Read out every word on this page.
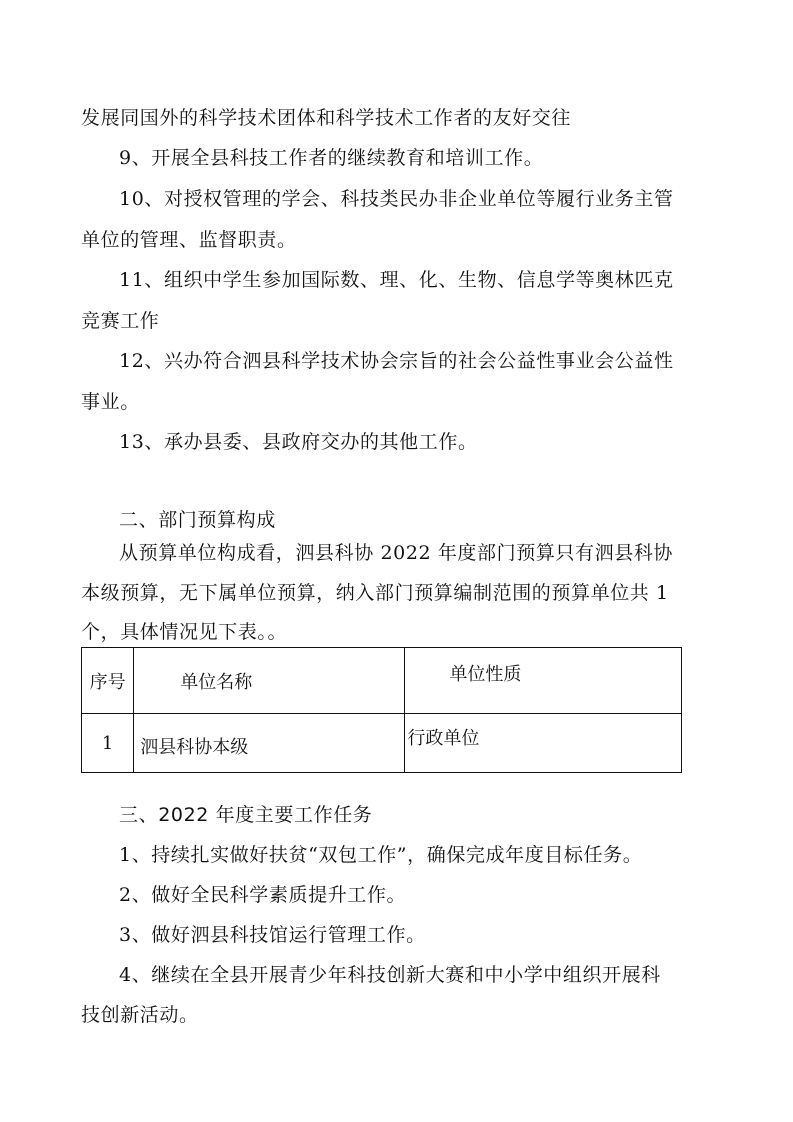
发展同国外的科学技术团体和科学技术工作者的友好交往
9、开展全县科技工作者的继续教育和培训工作。
10、对授权管理的学会、科技类民办非企业单位等履行业务主管
单位的管理、监督职责。
11、组织中学生参加国际数、理、化、生物、信息学等奥林匹克
竞赛工作
12、兴办符合泗县科学技术协会宗旨的社会公益性事业会公益性
事业。
13、承办县委、县政府交办的其他工作。
二、部门预算构成
从预算单位构成看，泗县科协 2022 年度部门预算只有泗县科协
本级预算，无下属单位预算，纳入部门预算编制范围的预算单位共 1
个，具体情况见下表。。
序号	单位名称	单位性质
1	泗县科协本级	行政单位
三、2022 年度主要工作任务
1、持续扎实做好扶贫“双包工作”，确保完成年度目标任务。
2、做好全民科学素质提升工作。
3、做好泗县科技馆运行管理工作。
4、继续在全县开展青少年科技创新大赛和中小学中组织开展科
技创新活动。
